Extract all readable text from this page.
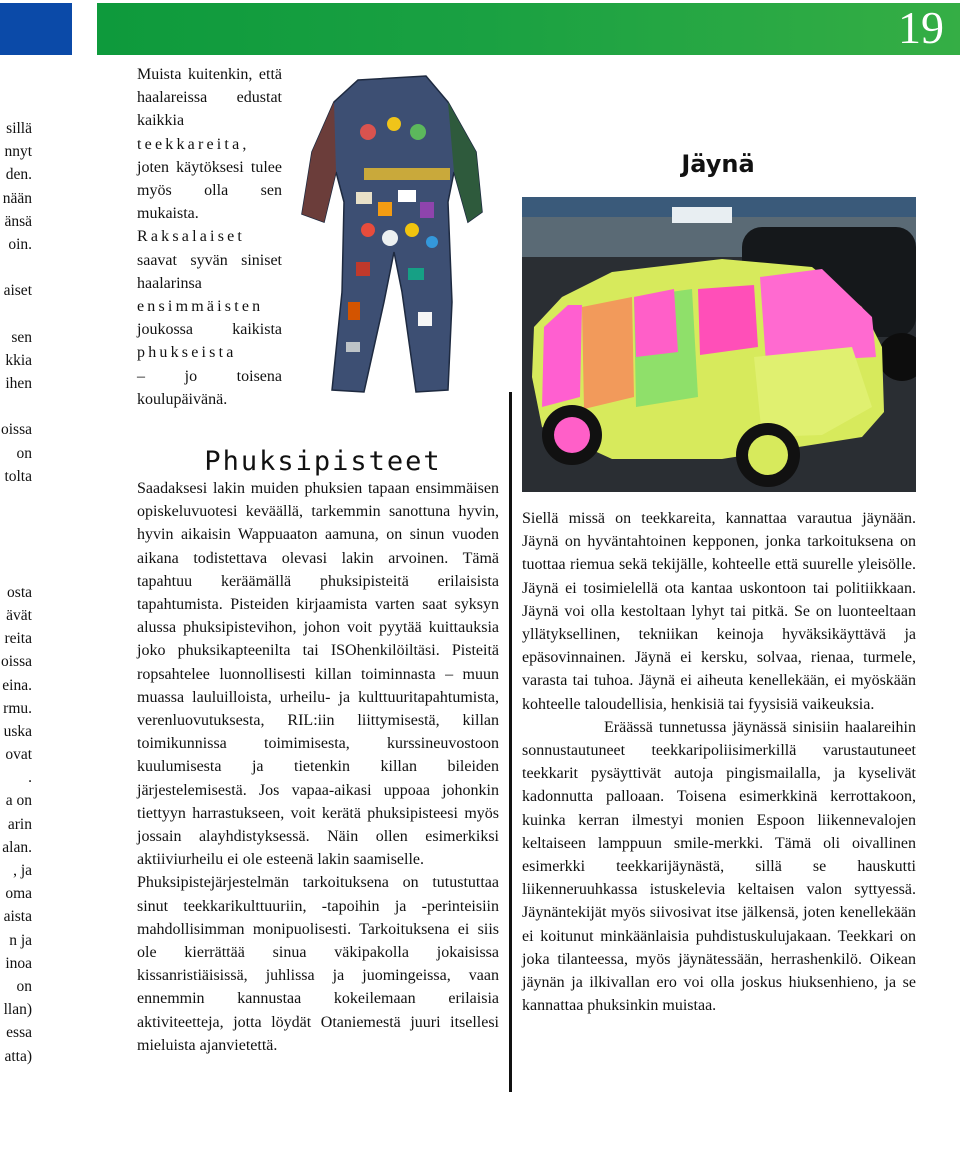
19
sillä
nnyt
den.
nään
änsä
oin.
aiset
sen
kkia
ihen
oissa
on
tolta
osta
ävät
reita
oissa
eina.
rmu.
uska
ovat
.
a on
arin
alan.
, ja
oma
aista
n ja
inoa
on
llan)
essa
atta)

Muista kuitenkin, että haalareissa edustat kaikkia

teekkareita,

joten käytöksesi tulee myös olla sen mukaista.

Raksalaiset

saavat syvän siniset haalarinsa

ensimmäisten

joukossa kaikista

phukseista

– jo toisena koulupäivänä.

Phuksipisteet

Saadaksesi lakin muiden phuksien tapaan ensimmäisen opiskeluvuotesi keväällä, tarkemmin sanottuna hyvin, hyvin aikaisin Wappuaaton aamuna, on sinun vuoden aikana todistettava olevasi lakin arvoinen. Tämä tapahtuu keräämällä phuksipisteitä erilaisista tapahtumista. Pisteiden kirjaamista varten saat syksyn alussa phuksipistevihon, johon voit pyytää kuittauksia joko phuksikapteenilta tai ISOhenkilöiltäsi. Pisteitä ropsahtelee luonnollisesti killan toiminnasta – muun muassa lauluilloista, urheilu- ja kulttuuritapahtumista, verenluovutuksesta, RIL:iin liittymisestä, killan toimikunnissa toimimisesta, kurssineuvostoon kuulumisesta ja tietenkin killan bileiden järjestelemisestä. Jos vapaa-aikasi uppoaa johonkin tiettyyn harrastukseen, voit kerätä phuksipisteesi myös jossain alayhdistyksessä. Näin ollen esimerkiksi aktiiviurheilu ei ole esteenä lakin saamiselle.

Phuksipistejärjestelmän tarkoituksena on tutustuttaa sinut teekkarikulttuuriin, -tapoihin ja -perinteisiin mahdollisimman monipuolisesti. Tarkoituksena ei siis ole kierrättää sinua väkipakolla jokaisissa kissanristiäisissä, juhlissa ja juomingeissa, vaan ennemmin kannustaa kokeilemaan erilaisia aktiviteetteja, jotta löydät Otaniemestä juuri itsellesi mieluista ajanvietettä.

Jäynä

Siellä missä on teekkareita, kannattaa varautua jäynään. Jäynä on hyväntahtoinen kepponen, jonka tarkoituksena on tuottaa riemua sekä tekijälle, kohteelle että suurelle yleisölle. Jäynä ei tosimielellä ota kantaa uskontoon tai politiikkaan. Jäynä voi olla kestoltaan lyhyt tai pitkä. Se on luonteeltaan yllätyksellinen, tekniikan keinoja hyväksikäyttävä ja epäsovinnainen. Jäynä ei kersku, solvaa, rienaa, turmele, varasta tai tuhoa. Jäynä ei aiheuta kenellekään, ei myöskään kohteelle taloudellisia, henkisiä tai fyysisiä vaikeuksia.

Eräässä tunnetussa jäynässä sinisiin haalareihin sonnustautuneet teekkaripoliisimerkillä varustautuneet teekkarit pysäyttivät autoja pingismailalla, ja kyselivät kadonnutta palloaan. Toisena esimerkkinä kerrottakoon, kuinka kerran ilmestyi monien Espoon liikennevalojen keltaiseen lamppuun smile-merkki. Tämä oli oivallinen esimerkki teekkarijäynästä, sillä se hauskutti liikenneruuhkassa istuskelevia keltaisen valon syttyessä. Jäynäntekijät myös siivosivat itse jälkensä, joten kenellekään ei koitunut minkäänlaisia puhdistuskulujakaan. Teekkari on joka tilanteessa, myös jäynätessään, herrashenkilö. Oikean jäynän ja ilkivallan ero voi olla joskus hiuksenhieno, ja se kannattaa phuksinkin muistaa.
